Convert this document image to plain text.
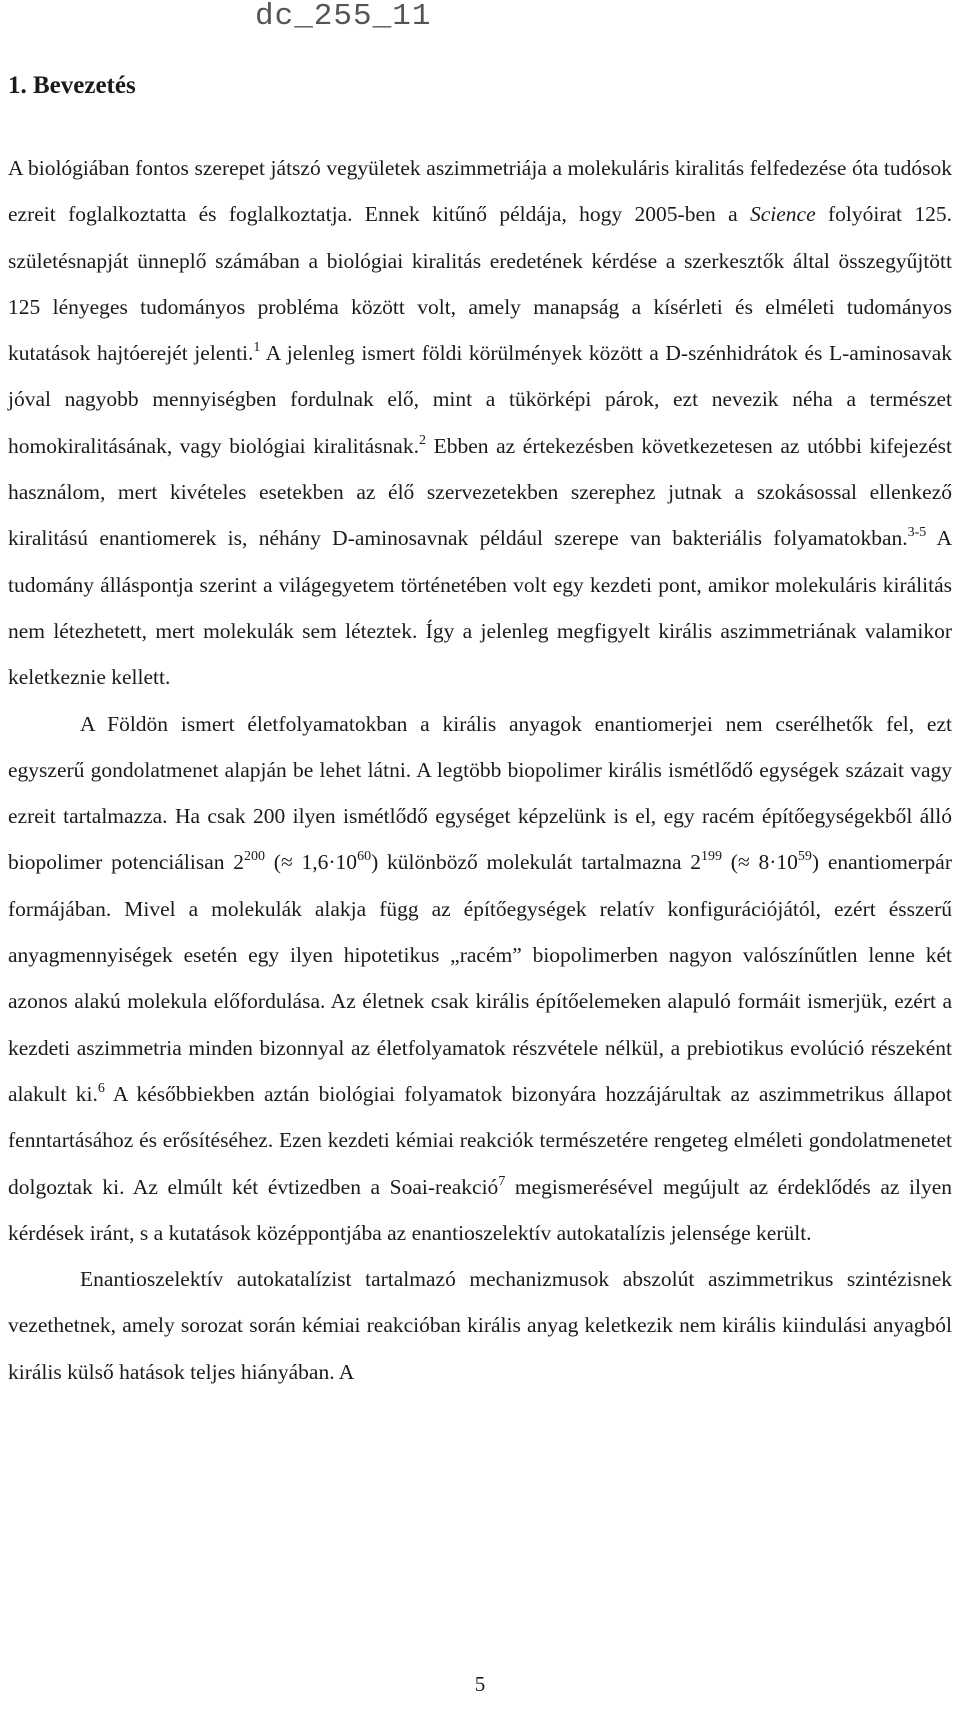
dc_255_11
1. Bevezetés

A biológiában fontos szerepet játszó vegyületek aszimmetriája a molekuláris kiralitás felfedezése óta tudósok ezreit foglalkoztatta és foglalkoztatja. Ennek kitűnő példája, hogy 2005-ben a Science folyóirat 125. születésnapját ünneplő számában a biológiai kiralitás eredetének kérdése a szerkesztők által összegyűjtött 125 lényeges tudományos probléma között volt, amely manapság a kísérleti és elméleti tudományos kutatások hajtóerejét jelenti.$^1$ A jelenleg ismert földi körülmények között a D-szénhidrátok és L-aminosavak jóval nagyobb mennyiségben fordulnak elő, mint a tükörképi párok, ezt nevezik néha a természet homokiralitásának, vagy biológiai kiralitásnak.$^2$ Ebben az értekezésben következetesen az utóbbi kifejezést használom, mert kivételes esetekben az élő szervezetekben szerephez jutnak a szokásossal ellenkező kiralitású enantiomerek is, néhány D-aminosavnak például szerepe van bakteriális folyamatokban.$^{3-5}$ A tudomány álláspontja szerint a világegyetem történetében volt egy kezdeti pont, amikor molekuláris királitás nem létezhetett, mert molekulák sem léteztek. Így a jelenleg megfigyelt királis aszimmetriának valamikor keletkeznie kellett.

A Földön ismert életfolyamatokban a királis anyagok enantiomerjei nem cserélhetők fel, ezt egyszerű gondolatmenet alapján be lehet látni. A legtöbb biopolimer királis ismétlődő egységek százait vagy ezreit tartalmazza. Ha csak 200 ilyen ismétlődő egységet képzelünk is el, egy racém építőegységekből álló biopolimer potenciálisan $2^{200}$ (≈ $1,6\cdot 10^{60}$) különböző molekulát tartalmazna $2^{199}$ (≈ $8\cdot 10^{59}$) enantiomerpár formájában. Mivel a molekulák alakja függ az építőegységek relatív konfigurációjától, ezért ésszerű anyagmennyiségek esetén egy ilyen hipotetikus „racém” biopolimerben nagyon valószínűtlen lenne két azonos alakú molekula előfordulása. Az életnek csak királis építőelemeken alapuló formáit ismerjük, ezért a kezdeti aszimmetria minden bizonnyal az életfolyamatok részvétele nélkül, a prebiotikus evolúció részeként alakult ki.$^6$ A későbbiekben aztán biológiai folyamatok bizonyára hozzájárultak az aszimmetrikus állapot fenntartásához és erősítéséhez. Ezen kezdeti kémiai reakciók természetére rengeteg elméleti gondolatmenetet dolgoztak ki. Az elmúlt két évtizedben a Soai-reakció$^7$ megismerésével megújult az érdeklődés az ilyen kérdések iránt, s a kutatások középpontjába az enantioszelektív autokatalízis jelensége került.

Enantioszelektív autokatalízist tartalmazó mechanizmusok abszolút aszimmetrikus szintézisnek vezethetnek, amely sorozat során kémiai reakcióban királis anyag keletkezik nem királis kiindulási anyagból királis külső hatások teljes hiányában. A

5
